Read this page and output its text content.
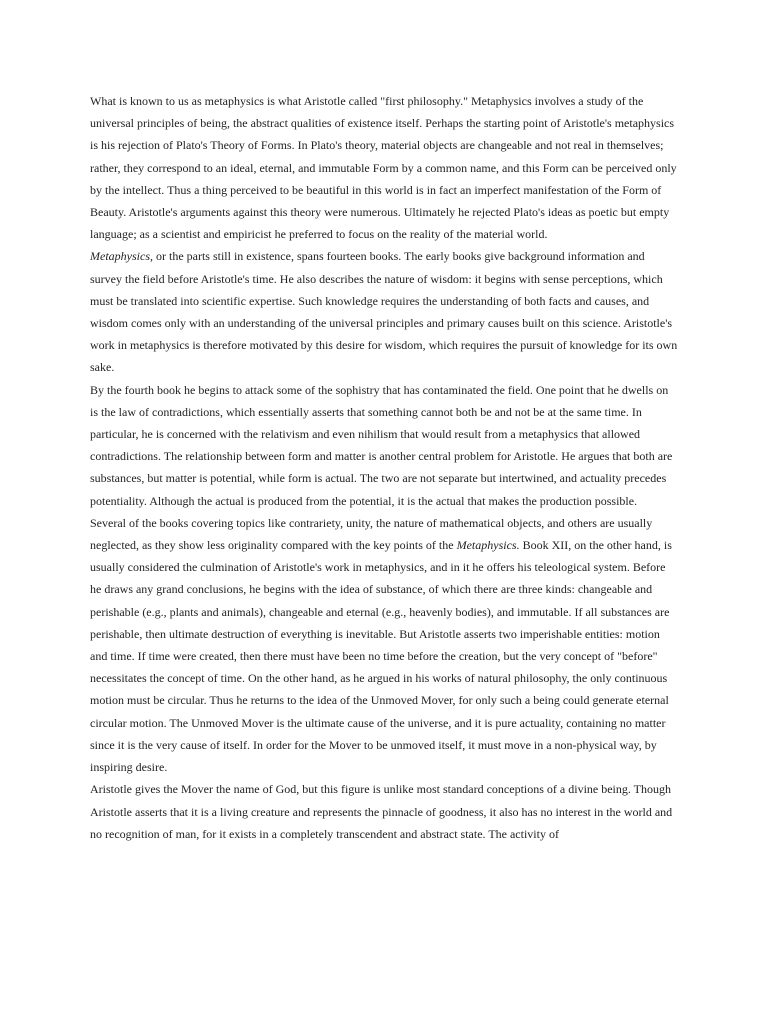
What is known to us as metaphysics is what Aristotle called "first philosophy." Metaphysics involves a study of the universal principles of being, the abstract qualities of existence itself. Perhaps the starting point of Aristotle's metaphysics is his rejection of Plato's Theory of Forms. In Plato's theory, material objects are changeable and not real in themselves; rather, they correspond to an ideal, eternal, and immutable Form by a common name, and this Form can be perceived only by the intellect. Thus a thing perceived to be beautiful in this world is in fact an imperfect manifestation of the Form of Beauty. Aristotle's arguments against this theory were numerous. Ultimately he rejected Plato's ideas as poetic but empty language; as a scientist and empiricist he preferred to focus on the reality of the material world.

Metaphysics, or the parts still in existence, spans fourteen books. The early books give background information and survey the field before Aristotle's time. He also describes the nature of wisdom: it begins with sense perceptions, which must be translated into scientific expertise. Such knowledge requires the understanding of both facts and causes, and wisdom comes only with an understanding of the universal principles and primary causes built on this science. Aristotle's work in metaphysics is therefore motivated by this desire for wisdom, which requires the pursuit of knowledge for its own sake.

By the fourth book he begins to attack some of the sophistry that has contaminated the field. One point that he dwells on is the law of contradictions, which essentially asserts that something cannot both be and not be at the same time. In particular, he is concerned with the relativism and even nihilism that would result from a metaphysics that allowed contradictions. The relationship between form and matter is another central problem for Aristotle. He argues that both are substances, but matter is potential, while form is actual. The two are not separate but intertwined, and actuality precedes potentiality. Although the actual is produced from the potential, it is the actual that makes the production possible.

Several of the books covering topics like contrariety, unity, the nature of mathematical objects, and others are usually neglected, as they show less originality compared with the key points of the Metaphysics. Book XII, on the other hand, is usually considered the culmination of Aristotle's work in metaphysics, and in it he offers his teleological system. Before he draws any grand conclusions, he begins with the idea of substance, of which there are three kinds: changeable and perishable (e.g., plants and animals), changeable and eternal (e.g., heavenly bodies), and immutable. If all substances are perishable, then ultimate destruction of everything is inevitable. But Aristotle asserts two imperishable entities: motion and time. If time were created, then there must have been no time before the creation, but the very concept of "before" necessitates the concept of time. On the other hand, as he argued in his works of natural philosophy, the only continuous motion must be circular. Thus he returns to the idea of the Unmoved Mover, for only such a being could generate eternal circular motion. The Unmoved Mover is the ultimate cause of the universe, and it is pure actuality, containing no matter since it is the very cause of itself. In order for the Mover to be unmoved itself, it must move in a non-physical way, by inspiring desire.

Aristotle gives the Mover the name of God, but this figure is unlike most standard conceptions of a divine being. Though Aristotle asserts that it is a living creature and represents the pinnacle of goodness, it also has no interest in the world and no recognition of man, for it exists in a completely transcendent and abstract state. The activity of
